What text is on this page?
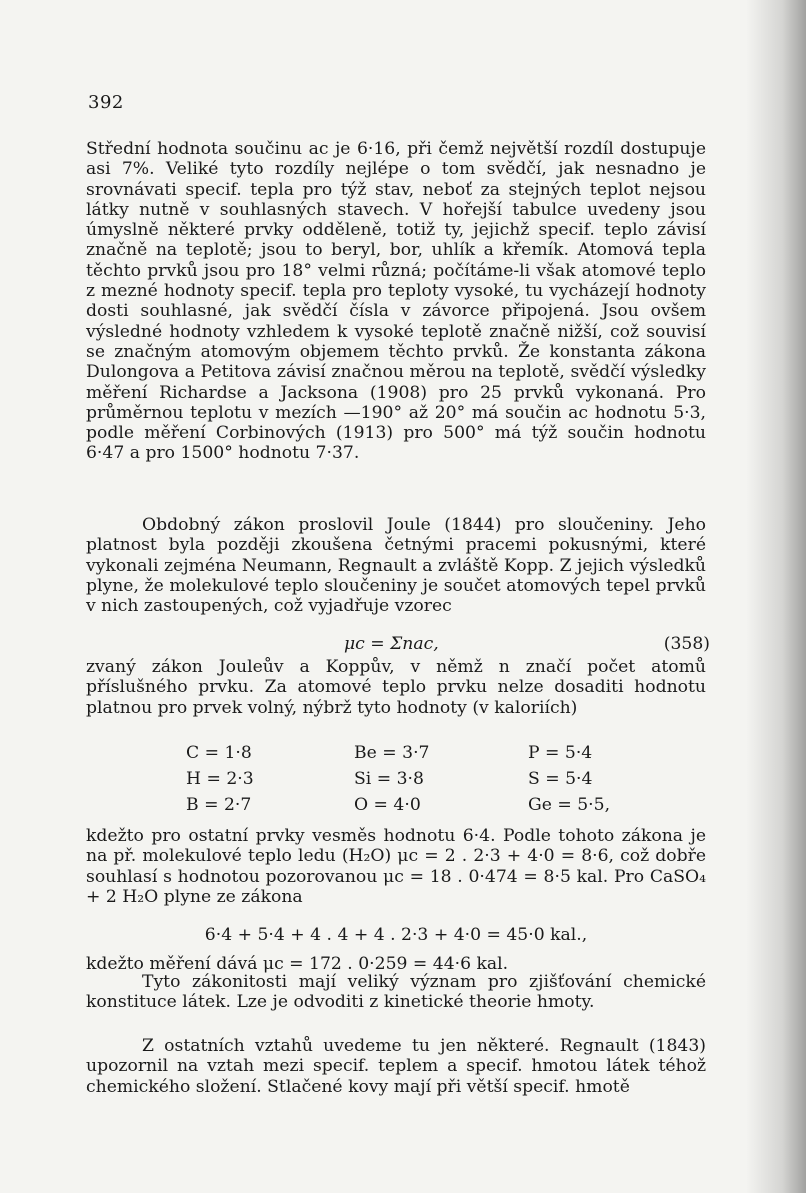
392
Střední hodnota součinu ac je 6·16, při čemž největší rozdíl dostupuje asi 7%. Veliké tyto rozdíly nejlépe o tom svědčí, jak nesnadno je srovnávati specif. tepla pro týž stav, neboť za stejných teplot nejsou látky nutně v souhlasných stavech. V hořejší tabulce uvedeny jsou úmyslně některé prvky odděleně, totiž ty, jejichž specif. teplo závisí značně na teplotě; jsou to beryl, bor, uhlík a křemík. Atomová tepla těchto prvků jsou pro 18° velmi různá; počítáme-li však atomové teplo z mezné hodnoty specif. tepla pro teploty vysoké, tu vycházejí hodnoty dosti souhlasné, jak svědčí čísla v závorce připojená. Jsou ovšem výsledné hodnoty vzhledem k vysoké teplotě značně nižší, což souvisí se značným atomovým objemem těchto prvků. Že konstanta zákona Dulongova a Petitova závisí značnou měrou na teplotě, svědčí výsledky měření Richardse a Jacksona (1908) pro 25 prvků vykonaná. Pro průměrnou teplotu v mezích —190° až 20° má součin ac hodnotu 5·3, podle měření Corbinových (1913) pro 500° má týž součin hodnotu 6·47 a pro 1500° hodnotu 7·37.
Obdobný zákon proslovil Joule (1844) pro sloučeniny. Jeho platnost byla později zkoušena četnými pracemi pokusnými, které vykonali zejména Neumann, Regnault a zvláště Kopp. Z jejich výsledků plyne, že molekulové teplo sloučeniny je součet atomových tepel prvků v nich zastoupených, což vyjadřuje vzorec
μc = Σnac,	(358)
zvaný zákon Jouleův a Koppův, v němž n značí počet atomů příslušného prvku. Za atomové teplo prvku nelze dosaditi hodnotu platnou pro prvek volný, nýbrž tyto hodnoty (v kaloriích)
C = 1·8
H = 2·3
B = 2·7
Be = 3·7
Si = 3·8
O = 4·0
P = 5·4
S = 5·4
Ge = 5·5,
kdežto pro ostatní prvky vesměs hodnotu 6·4. Podle tohoto zákona je na př. molekulové teplo ledu (H₂O) μc = 2 . 2·3 + 4·0 = 8·6, což dobře souhlasí s hodnotou pozorovanou μc = 18 . 0·474 = 8·5 kal. Pro CaSO₄ + 2 H₂O plyne ze zákona
6·4 + 5·4 + 4 . 4 + 4 . 2·3 + 4·0 = 45·0 kal.,
kdežto měření dává μc = 172 . 0·259 = 44·6 kal.
Tyto zákonitosti mají veliký význam pro zjišťování chemické konstituce látek. Lze je odvoditi z kinetické theorie hmoty.
Z ostatních vztahů uvedeme tu jen některé. Regnault (1843) upozornil na vztah mezi specif. teplem a specif. hmotou látek téhož chemického složení. Stlačené kovy mají při větší specif. hmotě
